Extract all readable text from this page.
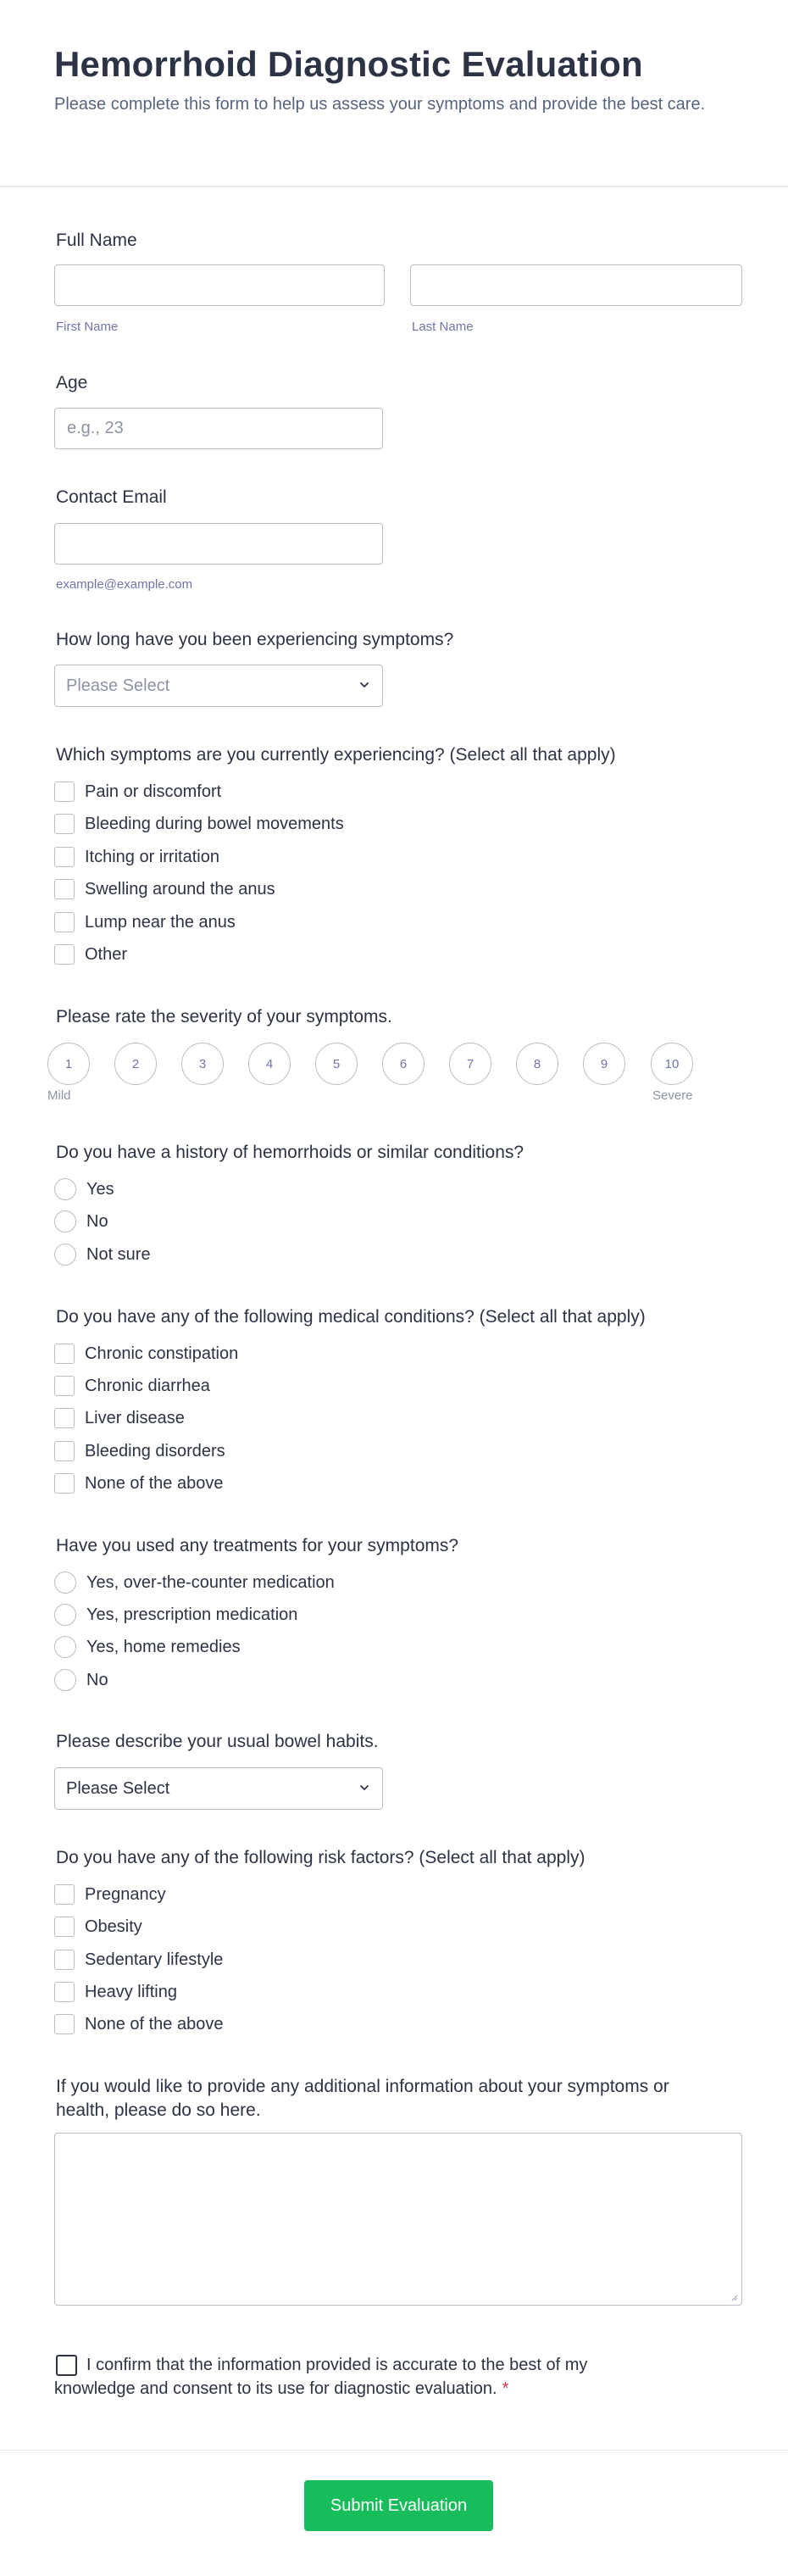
Hemorrhoid Diagnostic Evaluation

Please complete this form to help us assess your symptoms and provide the best care.

Full Name
First Name	Last Name
Age
e.g., 23
Contact Email
example@example.com
How long have you been experiencing symptoms?
Please Select
Which symptoms are you currently experiencing? (Select all that apply)
Pain or discomfort
Bleeding during bowel movements
Itching or irritation
Swelling around the anus
Lump near the anus
Other
Please rate the severity of your symptoms.
1	2	3	4	5	6	7	8	9	10
Mild	Severe
Do you have a history of hemorrhoids or similar conditions?
Yes
No
Not sure
Do you have any of the following medical conditions? (Select all that apply)
Chronic constipation
Chronic diarrhea
Liver disease
Bleeding disorders
None of the above
Have you used any treatments for your symptoms?
Yes, over-the-counter medication
Yes, prescription medication
Yes, home remedies
No
Please describe your usual bowel habits.
Please Select
Do you have any of the following risk factors? (Select all that apply)
Pregnancy
Obesity
Sedentary lifestyle
Heavy lifting
None of the above
If you would like to provide any additional information about your symptoms or health, please do so here.
I confirm that the information provided is accurate to the best of my knowledge and consent to its use for diagnostic evaluation. *
Submit Evaluation
